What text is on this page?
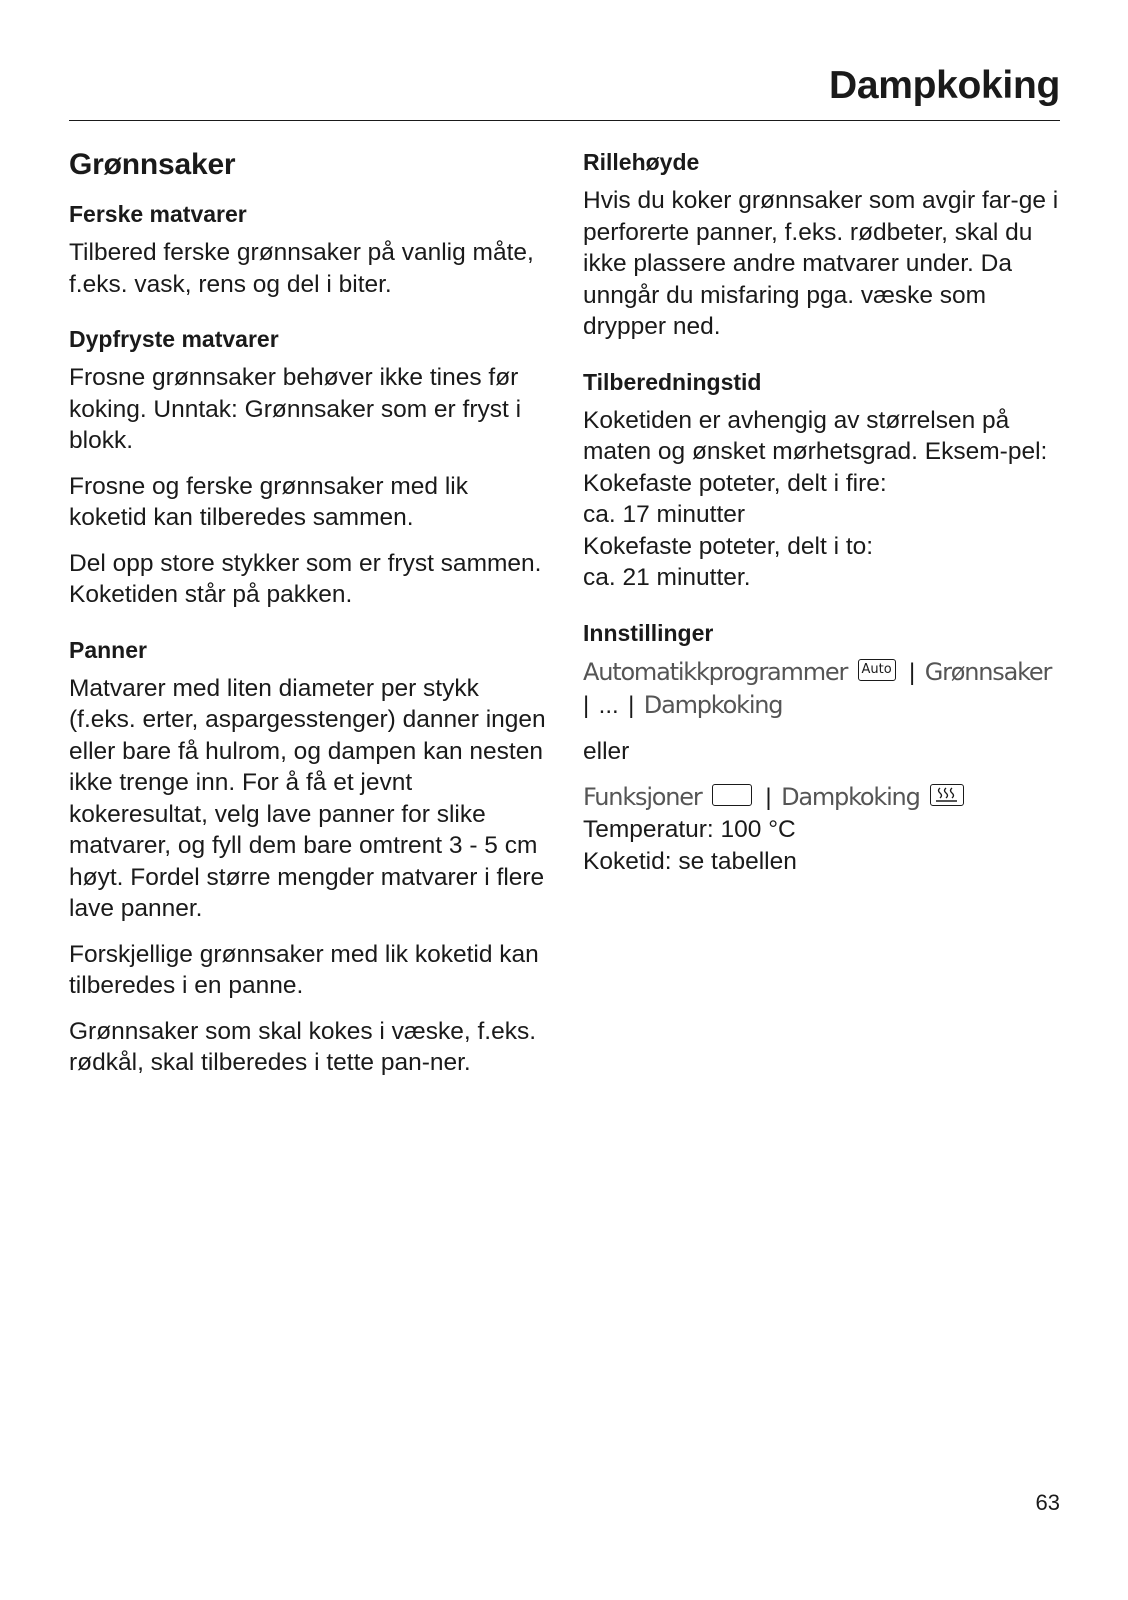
Dampkoking
Grønnsaker
Ferske matvarer

Tilbered ferske grønnsaker på vanlig måte, f.eks. vask, rens og del i biter.

Dypfryste matvarer

Frosne grønnsaker behøver ikke tines før koking. Unntak: Grønnsaker som er fryst i blokk.

Frosne og ferske grønnsaker med lik koketid kan tilberedes sammen.

Del opp store stykker som er fryst sammen. Koketiden står på pakken.

Panner

Matvarer med liten diameter per stykk (f.eks. erter, aspargesstenger) danner ingen eller bare få hulrom, og dampen kan nesten ikke trenge inn. For å få et jevnt kokeresultat, velg lave panner for slike matvarer, og fyll dem bare omtrent 3 - 5 cm høyt. Fordel større mengder matvarer i flere lave panner.

Forskjellige grønnsaker med lik koketid kan tilberedes i en panne.

Grønnsaker som skal kokes i væske, f.eks. rødkål, skal tilberedes i tette pan-ner.

Rillehøyde

Hvis du koker grønnsaker som avgir far-ge i perforerte panner, f.eks. rødbeter, skal du ikke plassere andre matvarer under. Da unngår du misfaring pga. væske som drypper ned.

Tilberedningstid

Koketiden er avhengig av størrelsen på maten og ønsket mørhetsgrad. Eksem-pel:

Kokefaste poteter, delt i fire:

ca. 17 minutter

Kokefaste poteter, delt i to:

ca. 21 minutter.

Innstillinger
Automatikkprogrammer Auto | Grønnsaker
| ... | Dampkoking

eller

Funksjoner	| Dampkoking

Temperatur: 100 °C

Koketid: se tabellen

63
